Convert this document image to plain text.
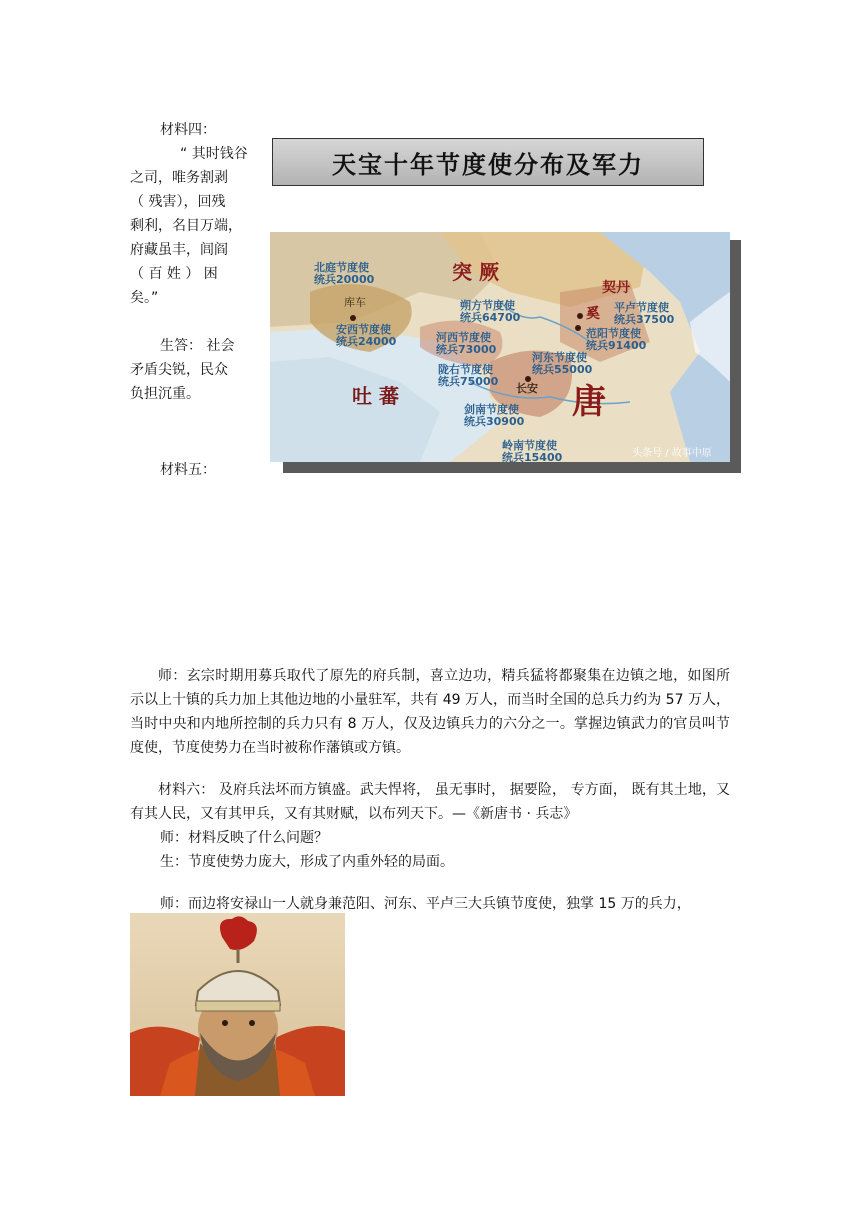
材料四：
“ 其时钱谷
之司，唯务割剥
（ 残害），回残
剩利，名目万端，
府藏虽丰，闾阎
（ 百 姓 ） 困
矣。”
生答： 社会
矛盾尖锐，民众
负担沉重。
材料五：
天宝十年节度使分布及军力
突 厥
吐 蕃	唐
契丹
奚
库车
长安
北庭节度使
统兵20000
安西节度使
统兵24000
朔方节度使
统兵64700
河西节度使
统兵73000
陇右节度使
统兵75000
剑南节度使
统兵30900
河东节度使
统兵55000
平卢节度使
统兵37500
范阳节度使
统兵91400
岭南节度使
统兵15400	头条号 / 故事中原
师：玄宗时期用募兵取代了原先的府兵制，喜立边功，精兵猛将都聚集在边镇之地，如图所示以上十镇的兵力加上其他边地的小量驻军，共有 49 万人，而当时全国的总兵力约为 57 万人，当时中央和内地所控制的兵力只有 8 万人，仅及边镇兵力的六分之一。掌握边镇武力的官员叫节度使，节度使势力在当时被称作藩镇或方镇。
材料六： 及府兵法坏而方镇盛。武夫悍将， 虽无事时， 据要险， 专方面， 既有其土地，又有其人民，又有其甲兵，又有其财赋，以布列天下。—《新唐书 · 兵志》
师：材料反映了什么问题？
生：节度使势力庞大，形成了内重外轻的局面。
师：而边将安禄山一人就身兼范阳、河东、平卢三大兵镇节度使，独掌 15 万的兵力，
